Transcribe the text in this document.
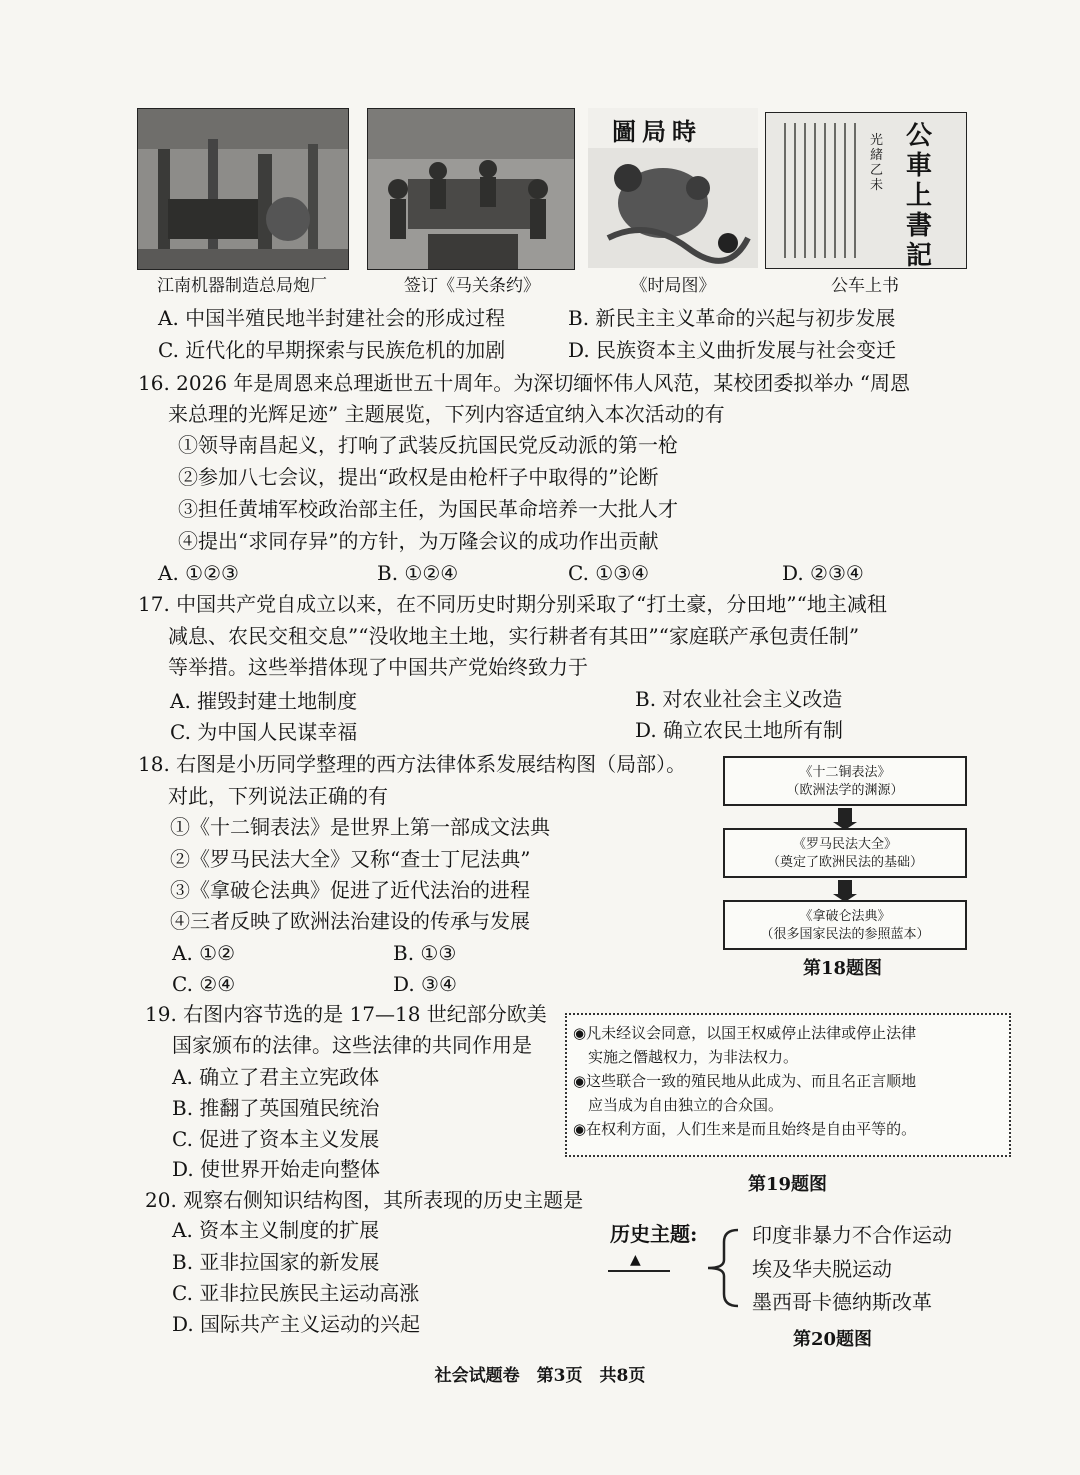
圖局時	公車上書記
光緒乙未
江南机器制造总局炮厂	签订《马关条约》	《时局图》	公车上书
A. 中国半殖民地半封建社会的形成过程	B. 新民主主义革命的兴起与初步发展
C. 近代化的早期探索与民族危机的加剧	D. 民族资本主义曲折发展与社会变迁
16. 2026 年是周恩来总理逝世五十周年。为深切缅怀伟人风范，某校团委拟举办 “周恩
来总理的光辉足迹” 主题展览，下列内容适宜纳入本次活动的有
①领导南昌起义，打响了武装反抗国民党反动派的第一枪
②参加八七会议，提出“政权是由枪杆子中取得的”论断
③担任黄埔军校政治部主任，为国民革命培养一大批人才
④提出“求同存异”的方针，为万隆会议的成功作出贡献
A. ①②③	B. ①②④	C. ①③④	D. ②③④
17. 中国共产党自成立以来，在不同历史时期分别采取了“打土豪，分田地”“地主减租
减息、农民交租交息”“没收地主土地，实行耕者有其田”“家庭联产承包责任制”
等举措。这些举措体现了中国共产党始终致力于
A. 摧毁封建土地制度	B. 对农业社会主义改造
C. 为中国人民谋幸福	D. 确立农民土地所有制
18. 右图是小历同学整理的西方法律体系发展结构图（局部）。
对此，下列说法正确的有
①《十二铜表法》是世界上第一部成文法典
②《罗马民法大全》又称“查士丁尼法典”
③《拿破仑法典》促进了近代法治的进程
④三者反映了欧洲法治建设的传承与发展
A. ①②	B. ①③
C. ②④	D. ③④
《十二铜表法》
（欧洲法学的渊源）
《罗马民法大全》
（奠定了欧洲民法的基础）
《拿破仑法典》
（很多国家民法的参照蓝本）
第18题图
19. 右图内容节选的是 17—18 世纪部分欧美
国家颁布的法律。这些法律的共同作用是
A. 确立了君主立宪政体
B. 推翻了英国殖民统治
C. 促进了资本主义发展
D. 使世界开始走向整体
◉凡未经议会同意，以国王权威停止法律或停止法律
　实施之僭越权力，为非法权力。
◉这些联合一致的殖民地从此成为、而且名正言顺地
　应当成为自由独立的合众国。
◉在权利方面，人们生来是而且始终是自由平等的。
第19题图
20. 观察右侧知识结构图，其所表现的历史主题是
A. 资本主义制度的扩展
B. 亚非拉国家的新发展
C. 亚非拉民族民主运动高涨
D. 国际共产主义运动的兴起
历史主题:
▲
印度非暴力不合作运动
埃及华夫脱运动
墨西哥卡德纳斯改革
第20题图
社会试题卷　第3页　共8页
